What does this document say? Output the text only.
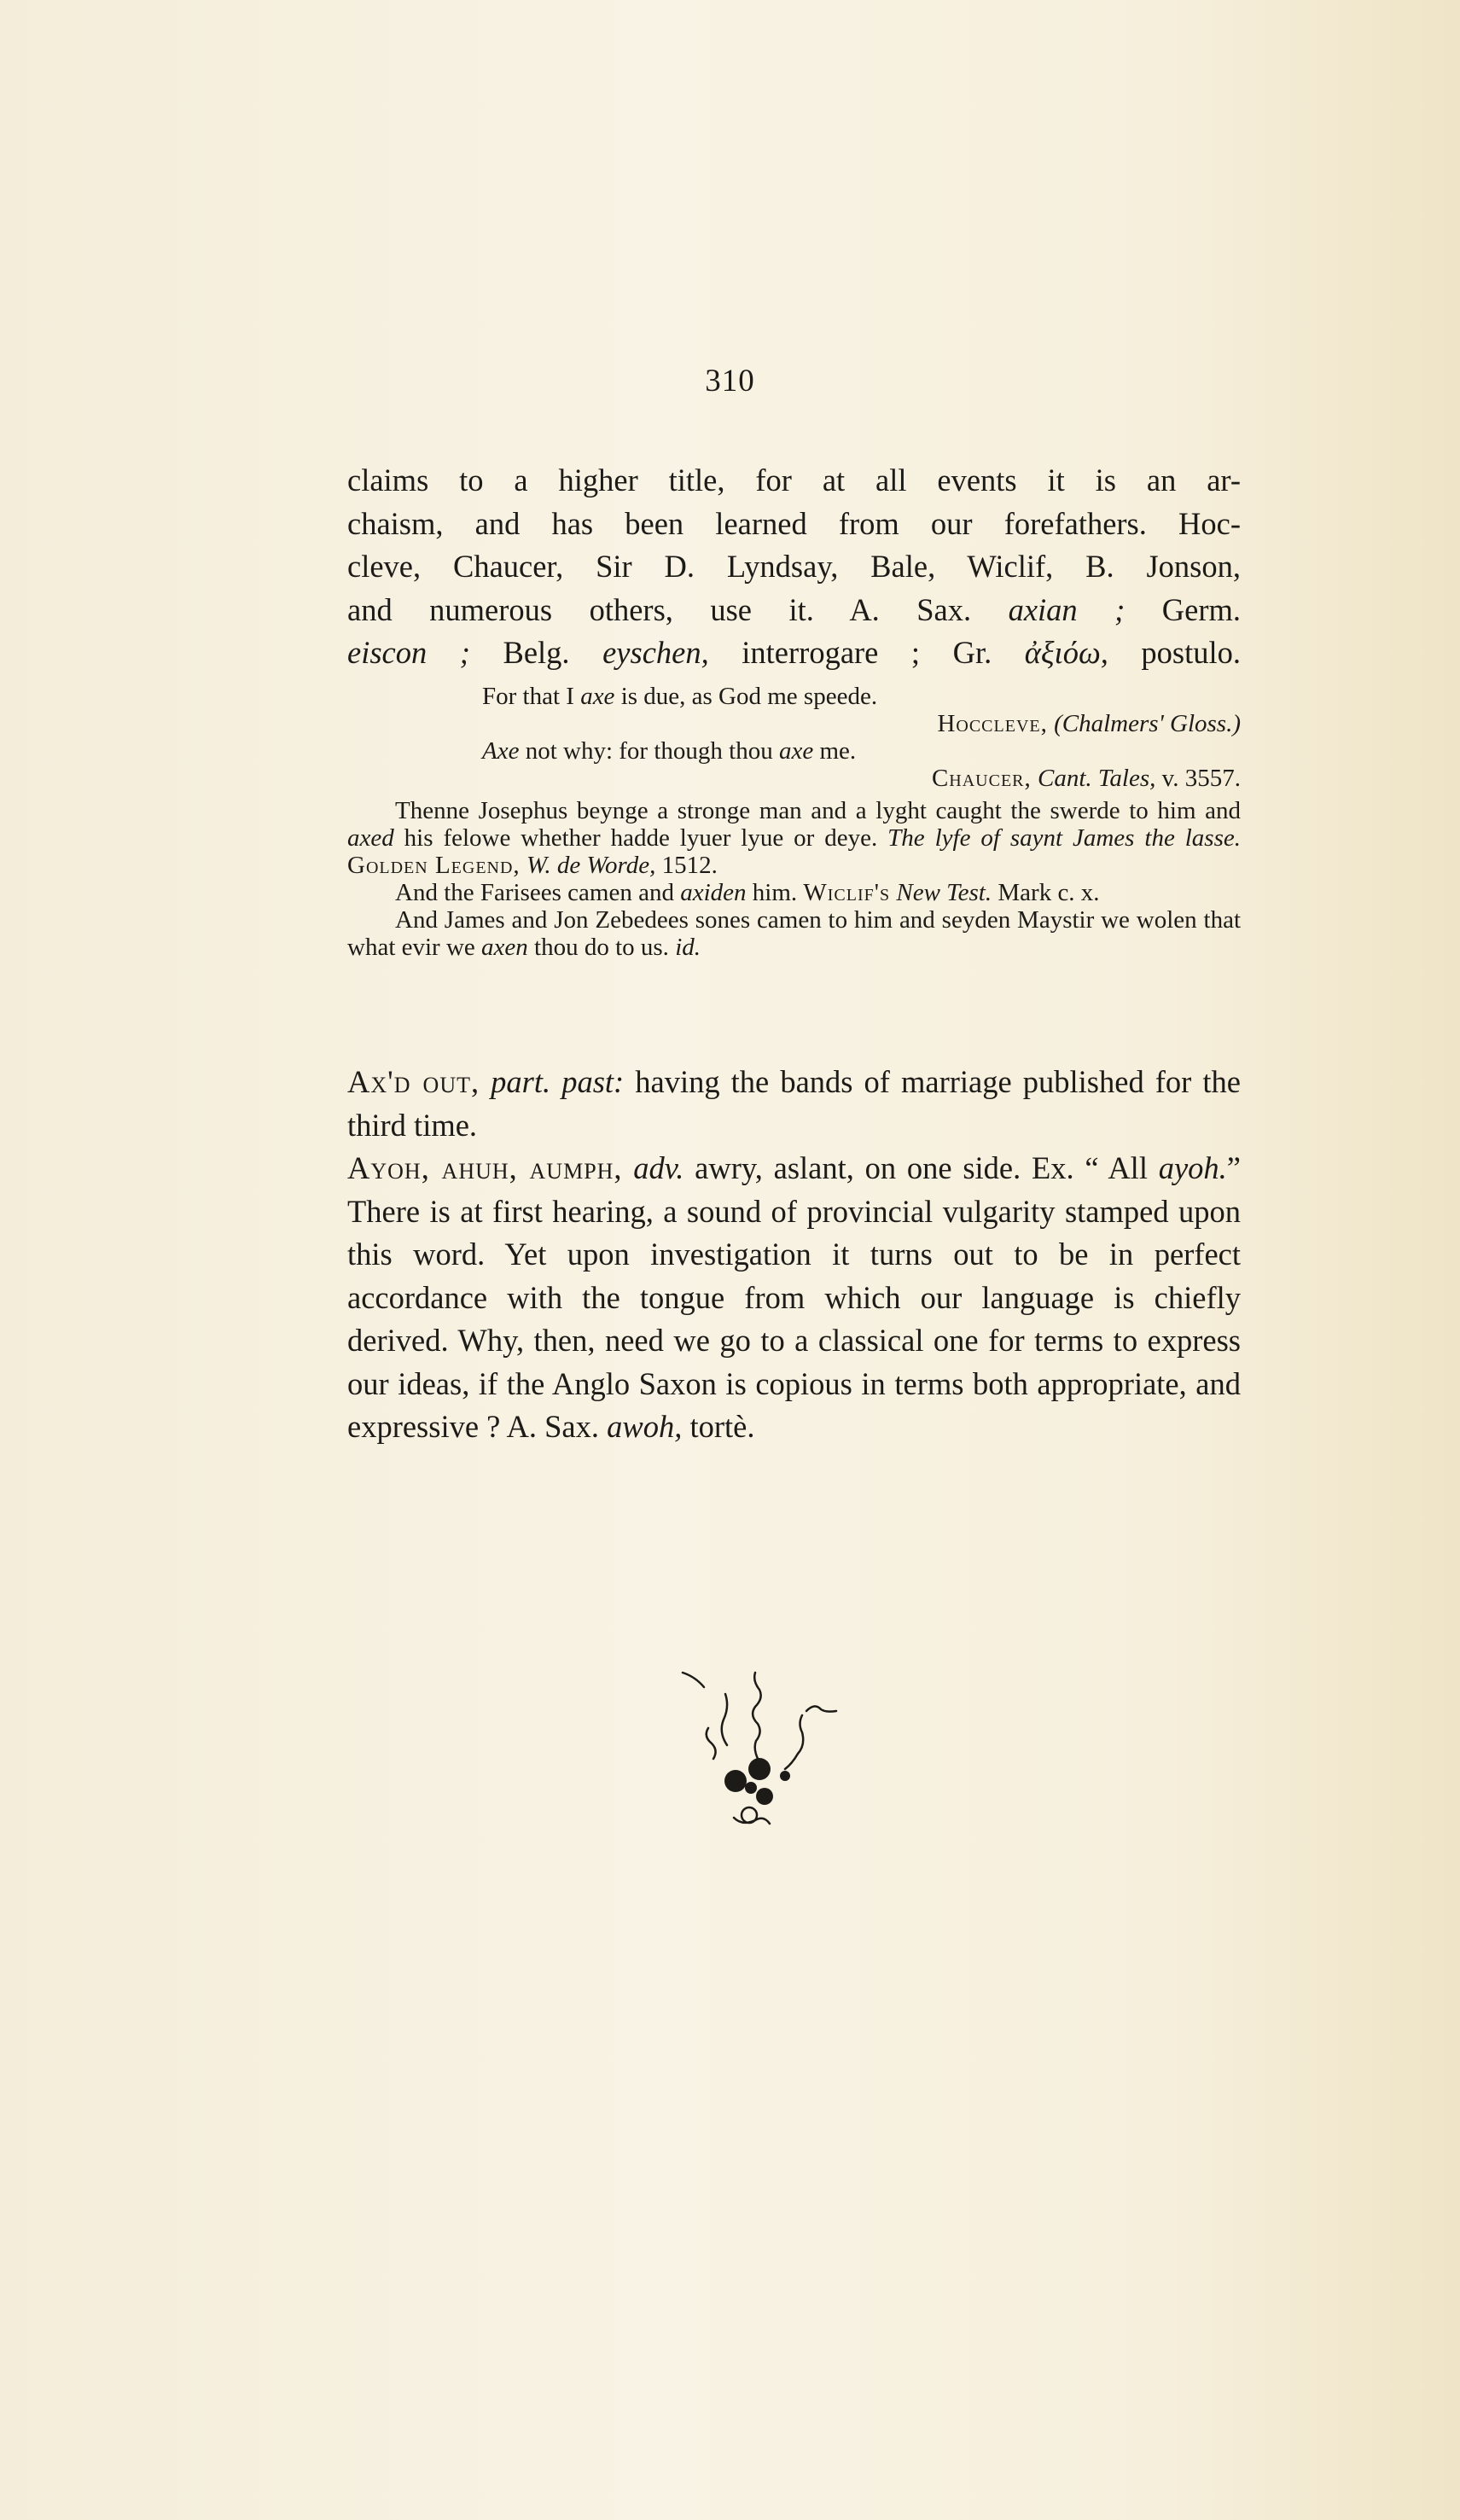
310

claims to a higher title, for at all events it is an ar-

chaism, and has been learned from our forefathers. Hoc-

cleve, Chaucer, Sir D. Lyndsay, Bale, Wiclif, B. Jonson,

and numerous others, use it. A. Sax. axian ; Germ.

eiscon ; Belg. eyschen, interrogare ; Gr. ἀξιόω, postulo.

For that I axe is due, as God me speede.

Hoccleve, (Chalmers' Gloss.)

Axe not why: for though thou axe me.

Chaucer, Cant. Tales, v. 3557.

Thenne Josephus beynge a stronge man and a lyght caught the swerde to him and axed his felowe whether hadde lyuer lyue or deye. The lyfe of saynt James the lasse. Golden Legend, W. de Worde, 1512.

And the Farisees camen and axiden him. Wiclif's New Test. Mark c. x.

And James and Jon Zebedees sones camen to him and seyden Maystir we wolen that what evir we axen thou do to us. id.

Ax'd out, part. past: having the bands of marriage published for the third time.

Ayoh, ahuh, aumph, adv. awry, aslant, on one side. Ex. “ All ayoh.” There is at first hearing, a sound of provincial vulgarity stamped upon this word. Yet upon investigation it turns out to be in perfect accordance with the tongue from which our language is chiefly derived. Why, then, need we go to a classical one for terms to express our ideas, if the Anglo Saxon is copious in terms both appropriate, and expressive ? A. Sax. awoh, tortè.
